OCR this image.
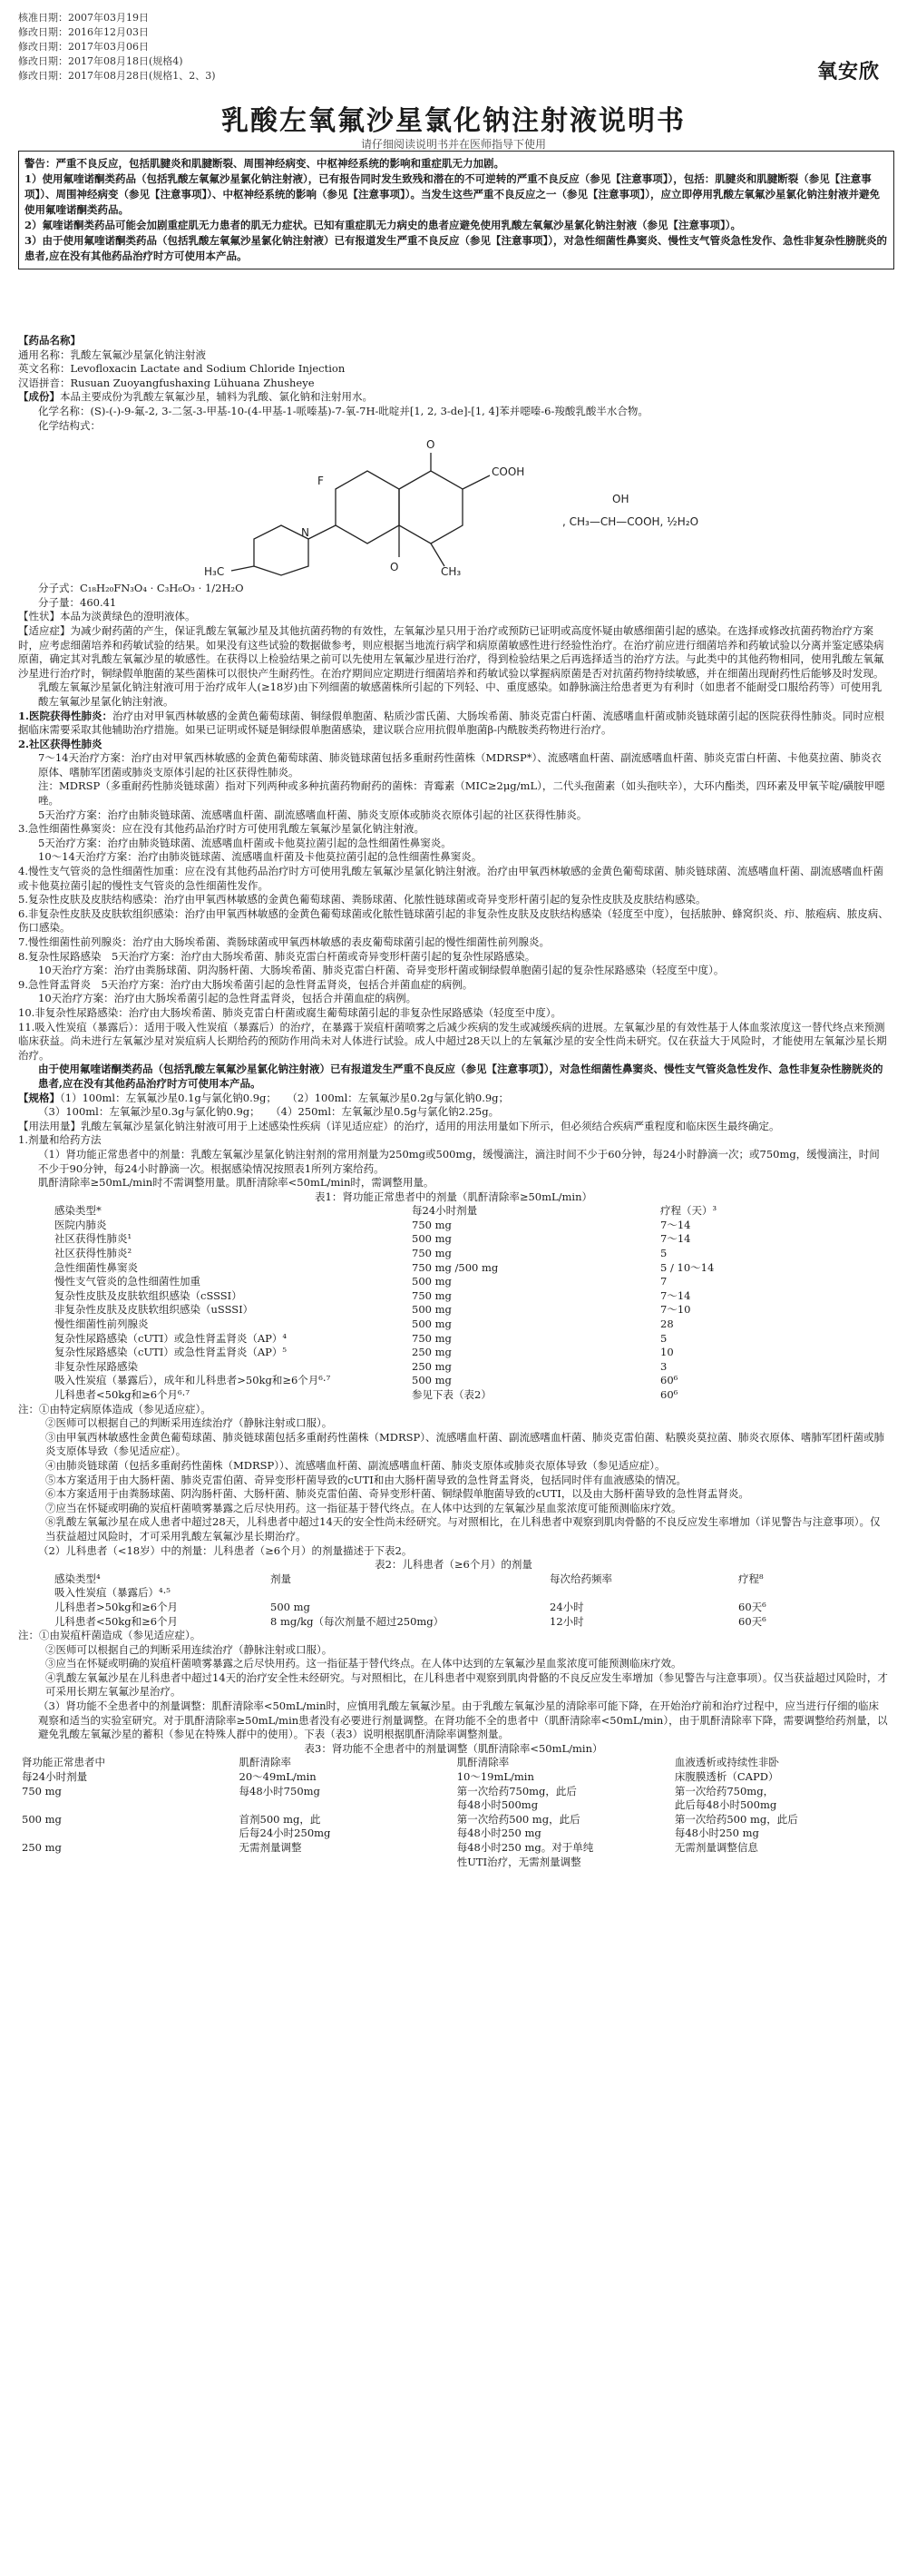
核准日期：2007年03月19日
修改日期：2016年12月03日
修改日期：2017年03月06日
修改日期：2017年08月18日(规格4)
修改日期：2017年08月28日(规格1、2、3)	氧安欣
乳酸左氧氟沙星氯化钠注射液说明书
请仔细阅读说明书并在医师指导下使用

警告：严重不良反应，包括肌腱炎和肌腱断裂、周围神经病变、中枢神经系统的影响和重症肌无力加剧。

1）使用氟喹诺酮类药品（包括乳酸左氧氟沙星氯化钠注射液），已有报告同时发生致残和潜在的不可逆转的严重不良反应（参见【注意事项】），包括：肌腱炎和肌腱断裂（参见【注意事项】）、周围神经病变（参见【注意事项】）、中枢神经系统的影响（参见【注意事项】）。当发生这些严重不良反应之一（参见【注意事项】），应立即停用乳酸左氧氟沙星氯化钠注射液并避免使用氟喹诺酮类药品。

2）氟喹诺酮类药品可能会加剧重症肌无力患者的肌无力症状。已知有重症肌无力病史的患者应避免使用乳酸左氧氟沙星氯化钠注射液（参见【注意事项】）。

3）由于使用氟喹诺酮类药品（包括乳酸左氧氟沙星氯化钠注射液）已有报道发生严重不良反应（参见【注意事项】），对急性细菌性鼻窦炎、慢性支气管炎急性发作、急性非复杂性膀胱炎的患者,应在没有其他药品治疗时方可使用本产品。

【药品名称】

通用名称：乳酸左氧氟沙星氯化钠注射液

英文名称：Levofloxacin Lactate and Sodium Chloride Injection

汉语拼音：Rusuan Zuoyangfushaxing Lühuana Zhusheye

【成份】本品主要成份为乳酸左氧氟沙星，辅料为乳酸、氯化钠和注射用水。

化学名称：(S)-(-)-9-氟-2, 3-二氢-3-甲基-10-(4-甲基-1-哌嗪基)-7-氧-7H-吡啶并[1, 2, 3-de]-[1, 4]苯并噁嗪-6-羧酸乳酸半水合物。

化学结构式：

F
O
COOH
O	CH₃
N
H₃C
, CH₃—CH—COOH, ½H₂O
OH

分子式：C₁₈H₂₀FN₃O₄ · C₃H₆O₃ · 1/2H₂O

分子量：460.41

【性状】本品为淡黄绿色的澄明液体。

【适应症】为减少耐药菌的产生，保证乳酸左氧氟沙星及其他抗菌药物的有效性，左氧氟沙星只用于治疗或预防已证明或高度怀疑由敏感细菌引起的感染。在选择或修改抗菌药物治疗方案时，应考虑细菌培养和药敏试验的结果。如果没有这些试验的数据做参考，则应根据当地流行病学和病原菌敏感性进行经验性治疗。在治疗前应进行细菌培养和药敏试验以分离并鉴定感染病原菌，确定其对乳酸左氧氟沙星的敏感性。在获得以上检验结果之前可以先使用左氧氟沙星进行治疗，得到检验结果之后再选择适当的治疗方法。与此类中的其他药物相同，使用乳酸左氧氟沙星进行治疗时，铜绿假单胞菌的某些菌株可以很快产生耐药性。在治疗期间应定期进行细菌培养和药敏试验以掌握病原菌是否对抗菌药物持续敏感，并在细菌出现耐药性后能够及时发现。

乳酸左氧氟沙星氯化钠注射液可用于治疗成年人(≥18岁)由下列细菌的敏感菌株所引起的下列轻、中、重度感染。如静脉滴注给患者更为有利时（如患者不能耐受口服给药等）可使用乳酸左氧氟沙星氯化钠注射液。

1.医院获得性肺炎：治疗由对甲氧西林敏感的金黄色葡萄球菌、铜绿假单胞菌、粘质沙雷氏菌、大肠埃希菌、肺炎克雷白杆菌、流感嗜血杆菌或肺炎链球菌引起的医院获得性肺炎。同时应根据临床需要采取其他辅助治疗措施。如果已证明或怀疑是铜绿假单胞菌感染，建议联合应用抗假单胞菌β-内酰胺类药物进行治疗。

2.社区获得性肺炎

7～14天治疗方案：治疗由对甲氧西林敏感的金黄色葡萄球菌、肺炎链球菌包括多重耐药性菌株（MDRSP*）、流感嗜血杆菌、副流感嗜血杆菌、肺炎克雷白杆菌、卡他莫拉菌、肺炎衣原体、嗜肺军团菌或肺炎支原体引起的社区获得性肺炎。

注：MDRSP（多重耐药性肺炎链球菌）指对下列两种或多种抗菌药物耐药的菌株：青霉素（MIC≥2μg/mL），二代头孢菌素（如头孢呋辛），大环内酯类，四环素及甲氧苄啶/磺胺甲噁唑。

5天治疗方案：治疗由肺炎链球菌、流感嗜血杆菌、副流感嗜血杆菌、肺炎支原体或肺炎衣原体引起的社区获得性肺炎。

3.急性细菌性鼻窦炎：应在没有其他药品治疗时方可使用乳酸左氧氟沙星氯化钠注射液。

5天治疗方案：治疗由肺炎链球菌、流感嗜血杆菌或卡他莫拉菌引起的急性细菌性鼻窦炎。

10～14天治疗方案：治疗由肺炎链球菌、流感嗜血杆菌及卡他莫拉菌引起的急性细菌性鼻窦炎。

4.慢性支气管炎的急性细菌性加重：应在没有其他药品治疗时方可使用乳酸左氧氟沙星氯化钠注射液。治疗由甲氧西林敏感的金黄色葡萄球菌、肺炎链球菌、流感嗜血杆菌、副流感嗜血杆菌或卡他莫拉菌引起的慢性支气管炎的急性细菌性发作。

5.复杂性皮肤及皮肤结构感染：治疗由甲氧西林敏感的金黄色葡萄球菌、粪肠球菌、化脓性链球菌或奇异变形杆菌引起的复杂性皮肤及皮肤结构感染。

6.非复杂性皮肤及皮肤软组织感染：治疗由甲氧西林敏感的金黄色葡萄球菌或化脓性链球菌引起的非复杂性皮肤及皮肤结构感染（轻度至中度），包括脓肿、蜂窝织炎、疖、脓疱病、脓皮病、伤口感染。

7.慢性细菌性前列腺炎：治疗由大肠埃希菌、粪肠球菌或甲氧西林敏感的表皮葡萄球菌引起的慢性细菌性前列腺炎。

8.复杂性尿路感染　5天治疗方案：治疗由大肠埃希菌、肺炎克雷白杆菌或奇异变形杆菌引起的复杂性尿路感染。

10天治疗方案：治疗由粪肠球菌、阴沟肠杆菌、大肠埃希菌、肺炎克雷白杆菌、奇异变形杆菌或铜绿假单胞菌引起的复杂性尿路感染（轻度至中度）。

9.急性肾盂肾炎　5天治疗方案：治疗由大肠埃希菌引起的急性肾盂肾炎，包括合并菌血症的病例。

10天治疗方案：治疗由大肠埃希菌引起的急性肾盂肾炎，包括合并菌血症的病例。

10.非复杂性尿路感染：治疗由大肠埃希菌、肺炎克雷白杆菌或腐生葡萄球菌引起的非复杂性尿路感染（轻度至中度）。

11.吸入性炭疽（暴露后）：适用于吸入性炭疽（暴露后）的治疗，在暴露于炭疽杆菌喷雾之后减少疾病的发生或减缓疾病的进展。左氧氟沙星的有效性基于人体血浆浓度这一替代终点来预测临床获益。尚未进行左氧氟沙星对炭疽病人长期给药的预防作用尚未对人体进行试验。成人中超过28天以上的左氧氟沙星的安全性尚未研究。仅在获益大于风险时，才能使用左氧氟沙星长期治疗。

由于使用氟喹诺酮类药品（包括乳酸左氧氟沙星氯化钠注射液）已有报道发生严重不良反应（参见【注意事项】），对急性细菌性鼻窦炎、慢性支气管炎急性发作、急性非复杂性膀胱炎的患者,应在没有其他药品治疗时方可使用本产品。

【规格】（1）100ml：左氧氟沙星0.1g与氯化钠0.9g；　　（2）100ml：左氧氟沙星0.2g与氯化钠0.9g；

（3）100ml：左氧氟沙星0.3g与氯化钠0.9g；　　（4）250ml：左氧氟沙星0.5g与氯化钠2.25g。

【用法用量】乳酸左氧氟沙星氯化钠注射液可用于上述感染性疾病（详见适应症）的治疗，适用的用法用量如下所示，但必须结合疾病严重程度和临床医生最终确定。

1.剂量和给药方法

（1）肾功能正常患者中的剂量：乳酸左氧氟沙星氯化钠注射剂的常用剂量为250mg或500mg，缓慢滴注，滴注时间不少于60分钟，每24小时静滴一次；或750mg，缓慢滴注，时间不少于90分钟，每24小时静滴一次。根据感染情况按照表1所列方案给药。

肌酐清除率≥50mL/min时不需调整用量。肌酐清除率<50mL/min时，需调整用量。

表1：肾功能正常患者中的剂量（肌酐清除率≥50mL/min）

感染类型*	每24小时剂量	疗程（天）³
医院内肺炎	750 mg	7～14
社区获得性肺炎¹	500 mg	7～14
社区获得性肺炎²	750 mg	5
急性细菌性鼻窦炎	750 mg /500 mg	5 / 10～14
慢性支气管炎的急性细菌性加重	500 mg	7
复杂性皮肤及皮肤软组织感染（cSSSI）	750 mg	7～14
非复杂性皮肤及皮肤软组织感染（uSSSI）	500 mg	7～10
慢性细菌性前列腺炎	500 mg	28
复杂性尿路感染（cUTI）或急性肾盂肾炎（AP）⁴	750 mg	5
复杂性尿路感染（cUTI）或急性肾盂肾炎（AP）⁵	250 mg	10
非复杂性尿路感染	250 mg	3
吸入性炭疽（暴露后），成年和儿科患者>50kg和≥6个月⁶·⁷	500 mg	60⁶
儿科患者<50kg和≥6个月⁶·⁷	参见下表（表2）	60⁶

注：①由特定病原体造成（参见适应症）。

②医师可以根据自己的判断采用连续治疗（静脉注射或口服）。

③由甲氧西林敏感性金黄色葡萄球菌、肺炎链球菌包括多重耐药性菌株（MDRSP）、流感嗜血杆菌、副流感嗜血杆菌、肺炎克雷伯菌、粘膜炎莫拉菌、肺炎衣原体、嗜肺军团杆菌或肺炎支原体导致（参见适应症）。

④由肺炎链球菌（包括多重耐药性菌株（MDRSP））、流感嗜血杆菌、副流感嗜血杆菌、肺炎支原体或肺炎衣原体导致（参见适应症）。

⑤本方案适用于由大肠杆菌、肺炎克雷伯菌、奇异变形杆菌导致的cUTI和由大肠杆菌导致的急性肾盂肾炎，包括同时伴有血液感染的情况。

⑥本方案适用于由粪肠球菌、阴沟肠杆菌、大肠杆菌、肺炎克雷伯菌、奇异变形杆菌、铜绿假单胞菌导致的cUTI，以及由大肠杆菌导致的急性肾盂肾炎。

⑦应当在怀疑或明确的炭疽杆菌喷雾暴露之后尽快用药。这一指征基于替代终点。在人体中达到的左氧氟沙星血浆浓度可能预测临床疗效。

⑧乳酸左氧氟沙星在成人患者中超过28天，儿科患者中超过14天的安全性尚未经研究。与对照相比，在儿科患者中观察到肌肉骨骼的不良反应发生率增加（详见警告与注意事项）。仅当获益超过风险时，才可采用乳酸左氧氟沙星长期治疗。

（2）儿科患者（<18岁）中的剂量：儿科患者（≥6个月）的剂量描述于下表2。

表2：儿科患者（≥6个月）的剂量

感染类型⁴	剂量	每次给药频率	疗程⁸
吸入性炭疽（暴露后）⁴·⁵			
儿科患者>50kg和≥6个月	500 mg	24小时	60天⁶
儿科患者<50kg和≥6个月	8 mg/kg（每次剂量不超过250mg）	12小时	60天⁶

注：①由炭疽杆菌造成（参见适应症）。

②医师可以根据自己的判断采用连续治疗（静脉注射或口服）。

③应当在怀疑或明确的炭疽杆菌喷雾暴露之后尽快用药。这一指征基于替代终点。在人体中达到的左氧氟沙星血浆浓度可能预测临床疗效。

④乳酸左氧氟沙星在儿科患者中超过14天的治疗安全性未经研究。与对照相比，在儿科患者中观察到肌肉骨骼的不良反应发生率增加（参见警告与注意事项）。仅当获益超过风险时，才可采用长期左氧氟沙星治疗。

（3）肾功能不全患者中的剂量调整：肌酐清除率<50mL/min时，应慎用乳酸左氧氟沙星。由于乳酸左氧氟沙星的清除率可能下降，在开始治疗前和治疗过程中，应当进行仔细的临床观察和适当的实验室研究。对于肌酐清除率≥50mL/min患者没有必要进行剂量调整。在肾功能不全的患者中（肌酐清除率<50mL/min），由于肌酐清除率下降，需要调整给药剂量，以避免乳酸左氧氟沙星的蓄积（参见在特殊人群中的使用）。下表（表3）说明根据肌酐清除率调整剂量。

表3：肾功能不全患者中的剂量调整（肌酐清除率<50mL/min）

肾功能正常患者中	肌酐清除率	肌酐清除率	血液透析或持续性非卧
每24小时剂量	20～49mL/min	10～19mL/min	床腹膜透析（CAPD）
750 mg	每48小时750mg	第一次给药750mg，此后	第一次给药750mg，
		每48小时500mg	此后每48小时500mg
500 mg	首剂500 mg，此	第一次给药500 mg，此后	第一次给药500 mg，此后
	后每24小时250mg	每48小时250 mg	每48小时250 mg
250 mg	无需剂量调整	每48小时250 mg。对于单纯	无需剂量调整信息
		性UTI治疗，无需剂量调整	
